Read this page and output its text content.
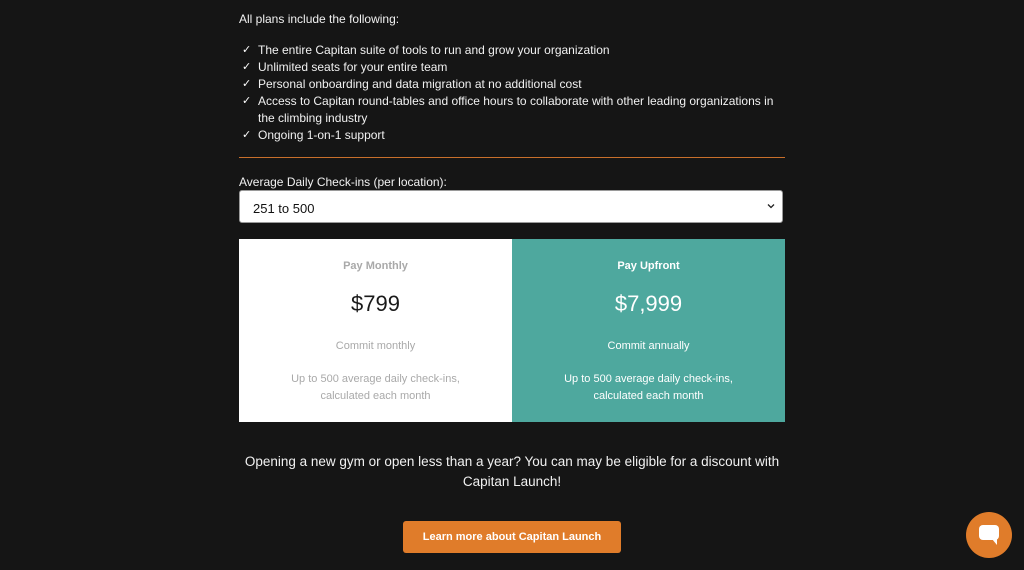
All plans include the following:
✓ The entire Capitan suite of tools to run and grow your organization
✓ Unlimited seats for your entire team
✓ Personal onboarding and data migration at no additional cost
✓ Access to Capitan round-tables and office hours to collaborate with other leading organizations in the climbing industry
✓ Ongoing 1-on-1 support
Average Daily Check-ins (per location):
251 to 500
Pay Monthly
$799
Commit monthly
Up to 500 average daily check-ins, calculated each month
Pay Upfront
$7,999
Commit annually
Up to 500 average daily check-ins, calculated each month
Opening a new gym or open less than a year? You can may be eligible for a discount with Capitan Launch!
Learn more about Capitan Launch
